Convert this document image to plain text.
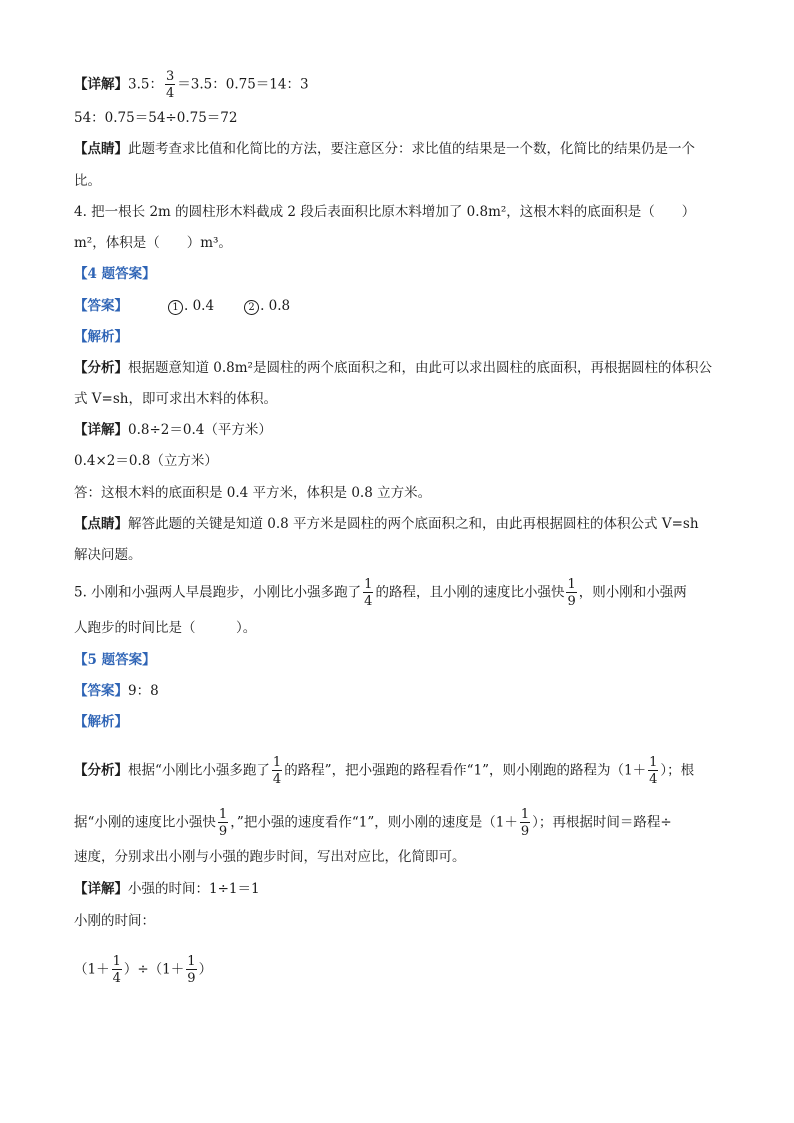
【详解】3.5： $\frac{3}{4} =3.5$：0.75＝14：3
54：0.75＝54÷0.75＝72
【点睛】此题考查求比值和化简比的方法，要注意区分：求比值的结果是一个数，化简比的结果仍是一个
比。
4. 把一根长 2m 的圆柱形木料截成 2 段后表面积比原木料增加了 0.8m²，这根木料的底面积是（　　）
m²，体积是（　　）m³。
【4 题答案】
【答案】	1 . 0.4	2 . 0.8
【解析】
【分析】根据题意知道 0.8m²是圆柱的两个底面积之和，由此可以求出圆柱的底面积，再根据圆柱的体积公
式 V=sh，即可求出木料的体积。
【详解】0.8÷2＝0.4（平方米）
0.4×2＝0.8（立方米）
答：这根木料的底面积是 0.4 平方米，体积是 0.8 立方米。
【点睛】解答此题的关键是知道 0.8 平方米是圆柱的两个底面积之和，由此再根据圆柱的体积公式 V=sh
解决问题。
5. 小刚和小强两人早晨跑步，小刚比小强多跑了 $\frac{1}{4}$ 的路程，且小刚的速度比小强快 $\frac{1}{9}$ ，则小刚和小强两
人跑步的时间比是（　　　）。
【5 题答案】
【答案】9：8
【解析】
【分析】根据“小刚比小强多跑了 $\frac{1}{4}$ 的路程”，把小强跑的路程看作“1”，则小刚跑的路程为（$1+ \frac{1}{4}$ ）；根
据“小刚的速度比小强快 $\frac{1}{9}$ ，”把小强的速度看作“1”，则小刚的速度是（$1+ \frac{1}{9}$ ）；再根据时间＝路程÷
速度，分别求出小刚与小强的跑步时间，写出对应比，化简即可。
【详解】小强的时间：1÷1＝1
小刚的时间：
$(1+ \frac{1}{4} )\div(1+ \frac{1}{9}$ ）
